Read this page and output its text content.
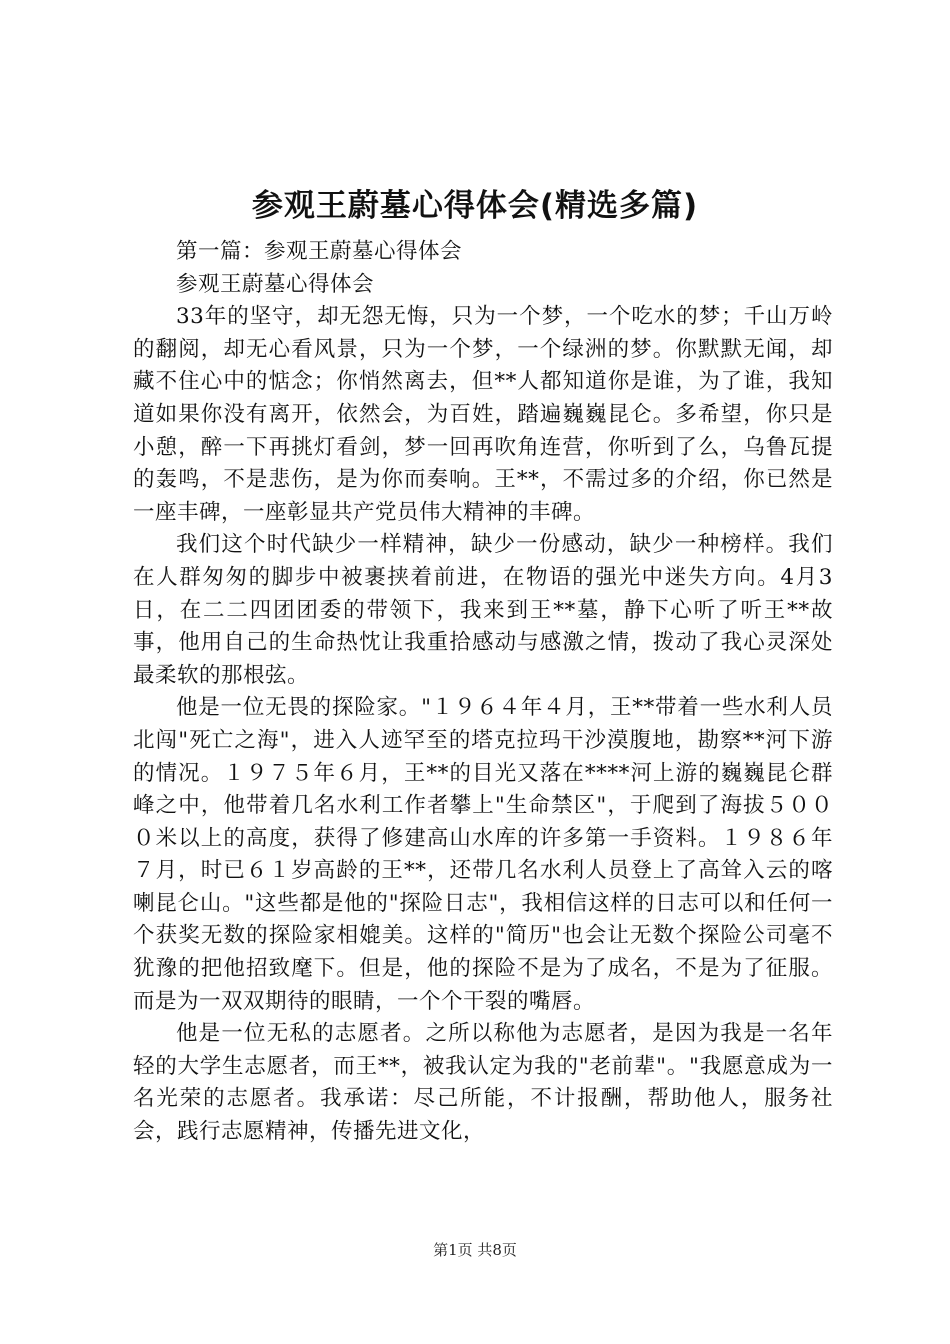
参观王蔚墓心得体会(精选多篇)

第一篇：参观王蔚墓心得体会

参观王蔚墓心得体会

33年的坚守，却无怨无悔，只为一个梦，一个吃水的梦；千山万岭的翻阅，却无心看风景，只为一个梦，一个绿洲的梦。你默默无闻，却藏不住心中的惦念；你悄然离去，但**人都知道你是谁，为了谁，我知道如果你没有离开，依然会，为百姓，踏遍巍巍昆仑。多希望，你只是小憩，醉一下再挑灯看剑，梦一回再吹角连营，你听到了么，乌鲁瓦提的轰鸣，不是悲伤，是为你而奏响。王**，不需过多的介绍，你已然是一座丰碑，一座彰显共产党员伟大精神的丰碑。

我们这个时代缺少一样精神，缺少一份感动，缺少一种榜样。我们在人群匆匆的脚步中被裹挟着前进，在物语的强光中迷失方向。4月3日，在二二四团团委的带领下，我来到王**墓，静下心听了听王**故事，他用自己的生命热忱让我重拾感动与感激之情，拨动了我心灵深处最柔软的那根弦。

他是一位无畏的探险家。"１９６４年４月，王**带着一些水利人员北闯"死亡之海"，进入人迹罕至的塔克拉玛干沙漠腹地，勘察**河下游的情况。１９７５年６月，王**的目光又落在****河上游的巍巍昆仑群峰之中，他带着几名水利工作者攀上"生命禁区"，于爬到了海拔５０００米以上的高度，获得了修建高山水库的许多第一手资料。１９８６年７月，时已６１岁高龄的王**，还带几名水利人员登上了高耸入云的喀喇昆仑山。"这些都是他的"探险日志"，我相信这样的日志可以和任何一个获奖无数的探险家相媲美。这样的"简历"也会让无数个探险公司毫不犹豫的把他招致麾下。但是，他的探险不是为了成名，不是为了征服。而是为一双双期待的眼睛，一个个干裂的嘴唇。

他是一位无私的志愿者。之所以称他为志愿者，是因为我是一名年轻的大学生志愿者，而王**，被我认定为我的"老前辈"。"我愿意成为一名光荣的志愿者。我承诺：尽己所能，不计报酬，帮助他人，服务社会，践行志愿精神，传播先进文化，

第1页 共8页
